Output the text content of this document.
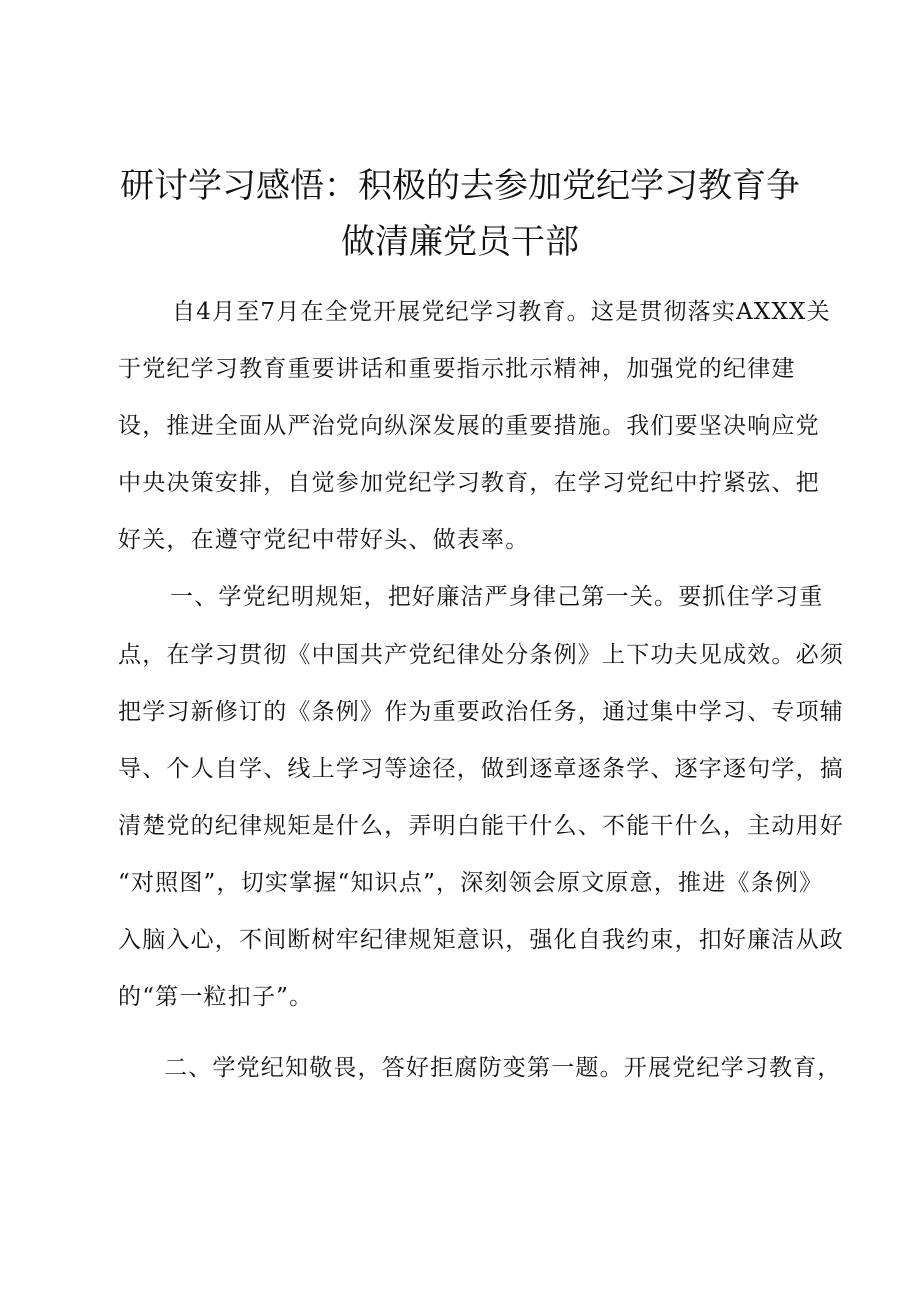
研讨学习感悟：积极的去参加党纪学习教育争
做清廉党员干部
自4月至7月在全党开展党纪学习教育。这是贯彻落实AXXX关
于党纪学习教育重要讲话和重要指示批示精神，加强党的纪律建
设，推进全面从严治党向纵深发展的重要措施。我们要坚决响应党
中央决策安排，自觉参加党纪学习教育，在学习党纪中拧紧弦、把
好关，在遵守党纪中带好头、做表率。
一、学党纪明规矩，把好廉洁严身律己第一关。要抓住学习重
点，在学习贯彻《中国共产党纪律处分条例》上下功夫见成效。必须
把学习新修订的《条例》作为重要政治任务，通过集中学习、专项辅
导、个人自学、线上学习等途径，做到逐章逐条学、逐字逐句学，搞
清楚党的纪律规矩是什么，弄明白能干什么、不能干什么，主动用好
“对照图”，切实掌握“知识点”，深刻领会原文原意，推进《条例》
入脑入心，不间断树牢纪律规矩意识，强化自我约束，扣好廉洁从政
的“第一粒扣子”。
二、学党纪知敬畏，答好拒腐防变第一题。开展党纪学习教育，
